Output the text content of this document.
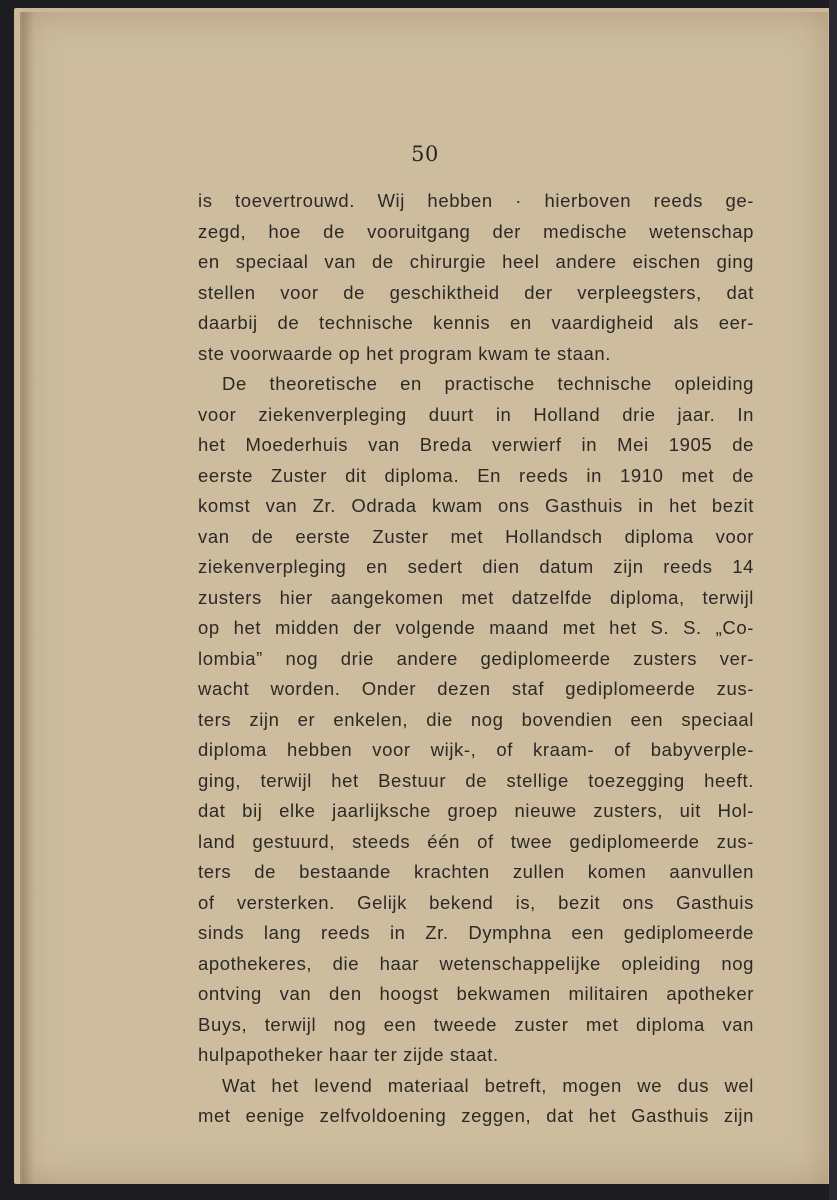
50
is toevertrouwd. Wij hebben · hierboven reeds ge-
zegd, hoe de vooruitgang der medische wetenschap
en speciaal van de chirurgie heel andere eischen ging
stellen voor de geschiktheid der verpleegsters, dat
daarbij de technische kennis en vaardigheid als eer-
ste voorwaarde op het program kwam te staan.
De theoretische en practische technische opleiding
voor ziekenverpleging duurt in Holland drie jaar. In
het Moederhuis van Breda verwierf in Mei 1905 de
eerste Zuster dit diploma. En reeds in 1910 met de
komst van Zr. Odrada kwam ons Gasthuis in het bezit
van de eerste Zuster met Hollandsch diploma voor
ziekenverpleging en sedert dien datum zijn reeds 14
zusters hier aangekomen met datzelfde diploma, terwijl
op het midden der volgende maand met het S. S. „Co-
lombia” nog drie andere gediplomeerde zusters ver-
wacht worden. Onder dezen staf gediplomeerde zus-
ters zijn er enkelen, die nog bovendien een speciaal
diploma hebben voor wijk-, of kraam- of babyverple-
ging, terwijl het Bestuur de stellige toezegging heeft.
dat bij elke jaarlijksche groep nieuwe zusters, uit Hol-
land gestuurd, steeds één of twee gediplomeerde zus-
ters de bestaande krachten zullen komen aanvullen
of versterken. Gelijk bekend is, bezit ons Gasthuis
sinds lang reeds in Zr. Dymphna een gediplomeerde
apothekeres, die haar wetenschappelijke opleiding nog
ontving van den hoogst bekwamen militairen apotheker
Buys, terwijl nog een tweede zuster met diploma van
hulpapotheker haar ter zijde staat.
Wat het levend materiaal betreft, mogen we dus wel
met eenige zelfvoldoening zeggen, dat het Gasthuis zijn
